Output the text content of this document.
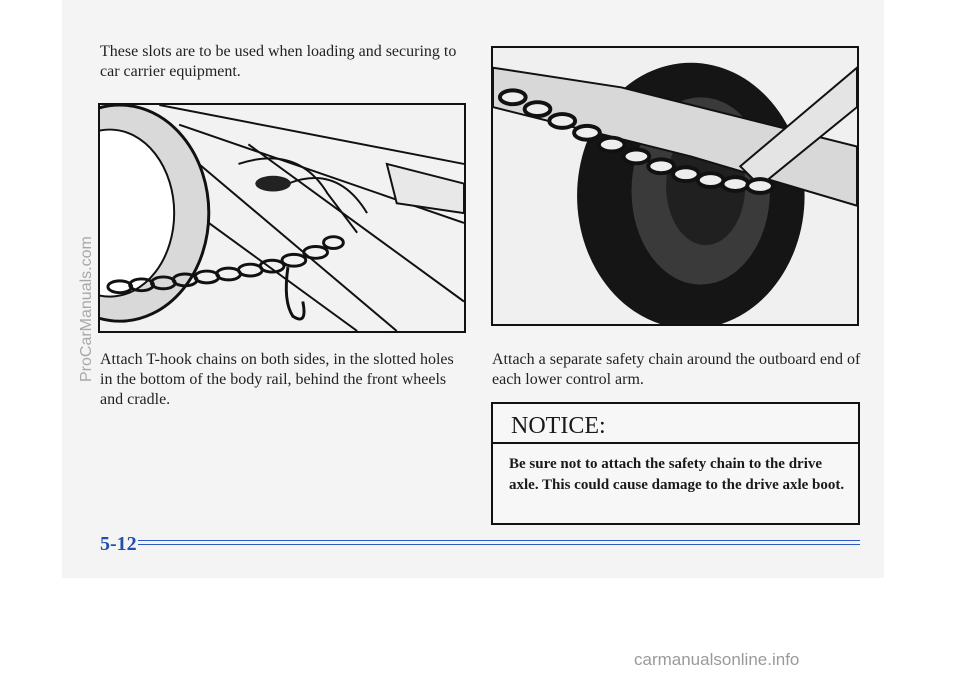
These slots are to be used when loading and securing to car carrier equipment.
Attach T-hook chains on both sides, in the slotted holes in the bottom of the body rail, behind the front wheels and cradle.
Attach a separate safety chain around the outboard end of each lower control arm.
NOTICE:
Be sure not to attach the safety chain to the drive axle. This could cause damage to the drive axle boot.
5-12
ProCarManuals.com
carmanualsonline.info
